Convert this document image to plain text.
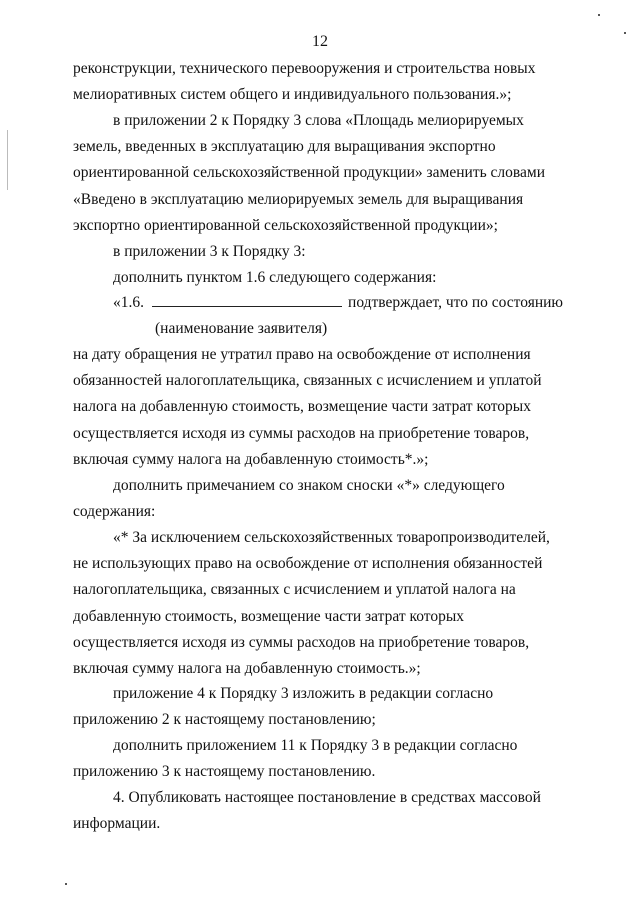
12

реконструкции, технического перевооружения и строительства новых мелиоративных систем общего и индивидуального пользования.»;

в приложении 2 к Порядку 3 слова «Площадь мелиорируемых земель, введенных в эксплуатацию для выращивания экспортно ориентированной сельскохозяйственной продукции» заменить словами «Введено в эксплуатацию мелиорируемых земель для выращивания экспортно ориентированной сельскохозяйственной продукции»;

в приложении 3 к Порядку 3:

дополнить пунктом 1.6 следующего содержания:

«1.6.	подтверждает, что по состоянию
(наименование заявителя)

на дату обращения не утратил право на освобождение от исполнения обязанностей налогоплательщика, связанных с исчислением и уплатой налога на добавленную стоимость, возмещение части затрат которых осуществляется исходя из суммы расходов на приобретение товаров, включая сумму налога на добавленную стоимость*.»;

дополнить примечанием со знаком сноски «*» следующего содержания:

«* За исключением сельскохозяйственных товаропроизводителей, не использующих право на освобождение от исполнения обязанностей налогоплательщика, связанных с исчислением и уплатой налога на добавленную стоимость, возмещение части затрат которых осуществляется исходя из суммы расходов на приобретение товаров, включая сумму налога на добавленную стоимость.»;

приложение 4 к Порядку 3 изложить в редакции согласно приложению 2 к настоящему постановлению;

дополнить приложением 11 к Порядку 3 в редакции согласно приложению 3 к настоящему постановлению.

4. Опубликовать настоящее постановление в средствах массовой информации.
